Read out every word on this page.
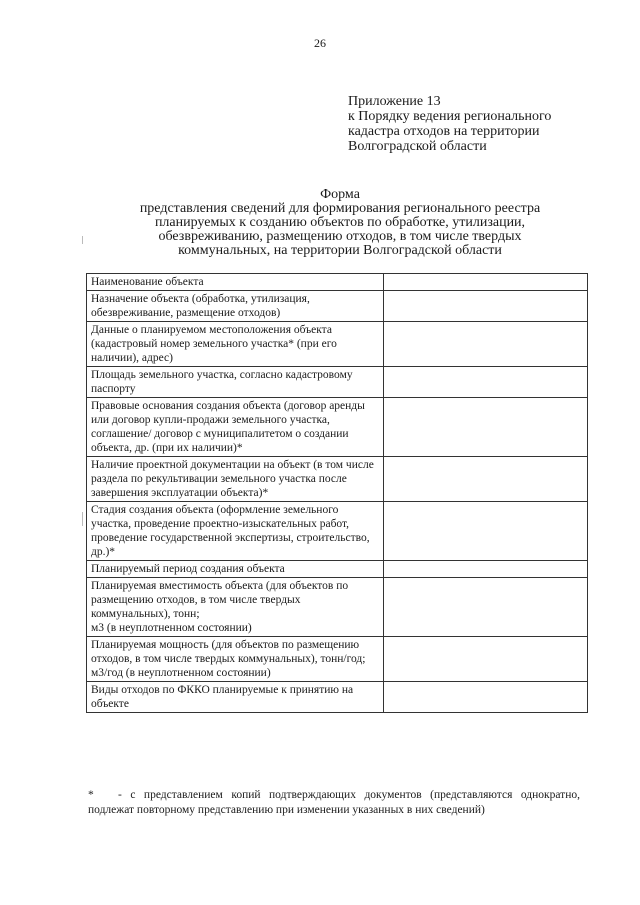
26
Приложение 13
к Порядку ведения регионального
кадастра отходов на территории
Волгоградской области
Форма
представления сведений для формирования регионального реестра
планируемых к созданию объектов по обработке, утилизации,
обезвреживанию, размещению отходов, в том числе твердых
коммунальных, на территории Волгоградской области
Наименование объекта	
Назначение объекта (обработка, утилизация, обезвреживание, размещение отходов)	
Данные о планируемом местоположения объекта (кадастровый номер земельного участка* (при его наличии), адрес)	
Площадь земельного участка, согласно кадастровому паспорту	
Правовые основания создания объекта (договор аренды или договор купли-продажи земельного участка, соглашение/ договор с муниципалитетом о создании объекта, др. (при их наличии)*	
Наличие проектной документации на объект (в том числе раздела по рекультивации земельного участка после завершения эксплуатации объекта)*	
Стадия создания объекта (оформление земельного участка, проведение проектно-изыскательных работ, проведение государственной экспертизы, строительство, др.)*	
Планируемый период создания объекта	
Планируемая вместимость объекта (для объектов по размещению отходов, в том числе твердых коммунальных), тонн;
м3 (в неуплотненном состоянии)	
Планируемая мощность (для объектов по размещению отходов, в том числе твердых коммунальных), тонн/год;
м3/год (в неуплотненном состоянии)	
Виды отходов по ФККО планируемые к принятию на объекте	
* - с представлением копий подтверждающих документов (представляются однократно, подлежат повторному представлению при изменении указанных в них сведений)
